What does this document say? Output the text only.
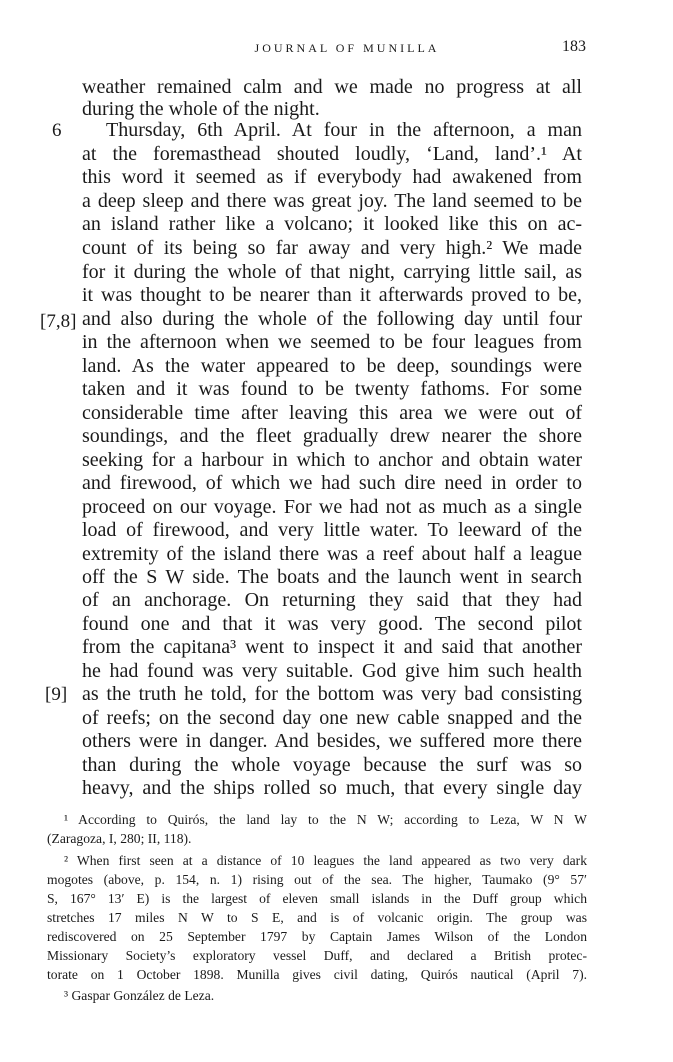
JOURNAL OF MUNILLA	183
6
[7,8]
[9]
weather remained calm and we made no progress at all
during the whole of the night.
Thursday, 6th April. At four in the afternoon, a man
at the foremasthead shouted loudly, ‘Land, land’.¹ At
this word it seemed as if everybody had awakened from
a deep sleep and there was great joy. The land seemed to be
an island rather like a volcano; it looked like this on ac-
count of its being so far away and very high.² We made
for it during the whole of that night, carrying little sail, as
it was thought to be nearer than it afterwards proved to be,
and also during the whole of the following day until four
in the afternoon when we seemed to be four leagues from
land. As the water appeared to be deep, soundings were
taken and it was found to be twenty fathoms. For some
considerable time after leaving this area we were out of
soundings, and the fleet gradually drew nearer the shore
seeking for a harbour in which to anchor and obtain water
and firewood, of which we had such dire need in order to
proceed on our voyage. For we had not as much as a single
load of firewood, and very little water. To leeward of the
extremity of the island there was a reef about half a league
off the S W side. The boats and the launch went in search
of an anchorage. On returning they said that they had
found one and that it was very good. The second pilot
from the capitana³ went to inspect it and said that another
he had found was very suitable. God give him such health
as the truth he told, for the bottom was very bad consisting
of reefs; on the second day one new cable snapped and the
others were in danger. And besides, we suffered more there
than during the whole voyage because the surf was so
heavy, and the ships rolled so much, that every single day
¹ According to Quirós, the land lay to the N W; according to Leza, W N W
(Zaragoza, I, 280; II, 118).
² When first seen at a distance of 10 leagues the land appeared as two very dark
mogotes (above, p. 154, n. 1) rising out of the sea. The higher, Taumako (9° 57′
S, 167° 13′ E) is the largest of eleven small islands in the Duff group which
stretches 17 miles N W to S E, and is of volcanic origin. The group was
rediscovered on 25 September 1797 by Captain James Wilson of the London
Missionary Society’s exploratory vessel Duff, and declared a British protec-
torate on 1 October 1898. Munilla gives civil dating, Quirós nautical (April 7).
³ Gaspar González de Leza.
